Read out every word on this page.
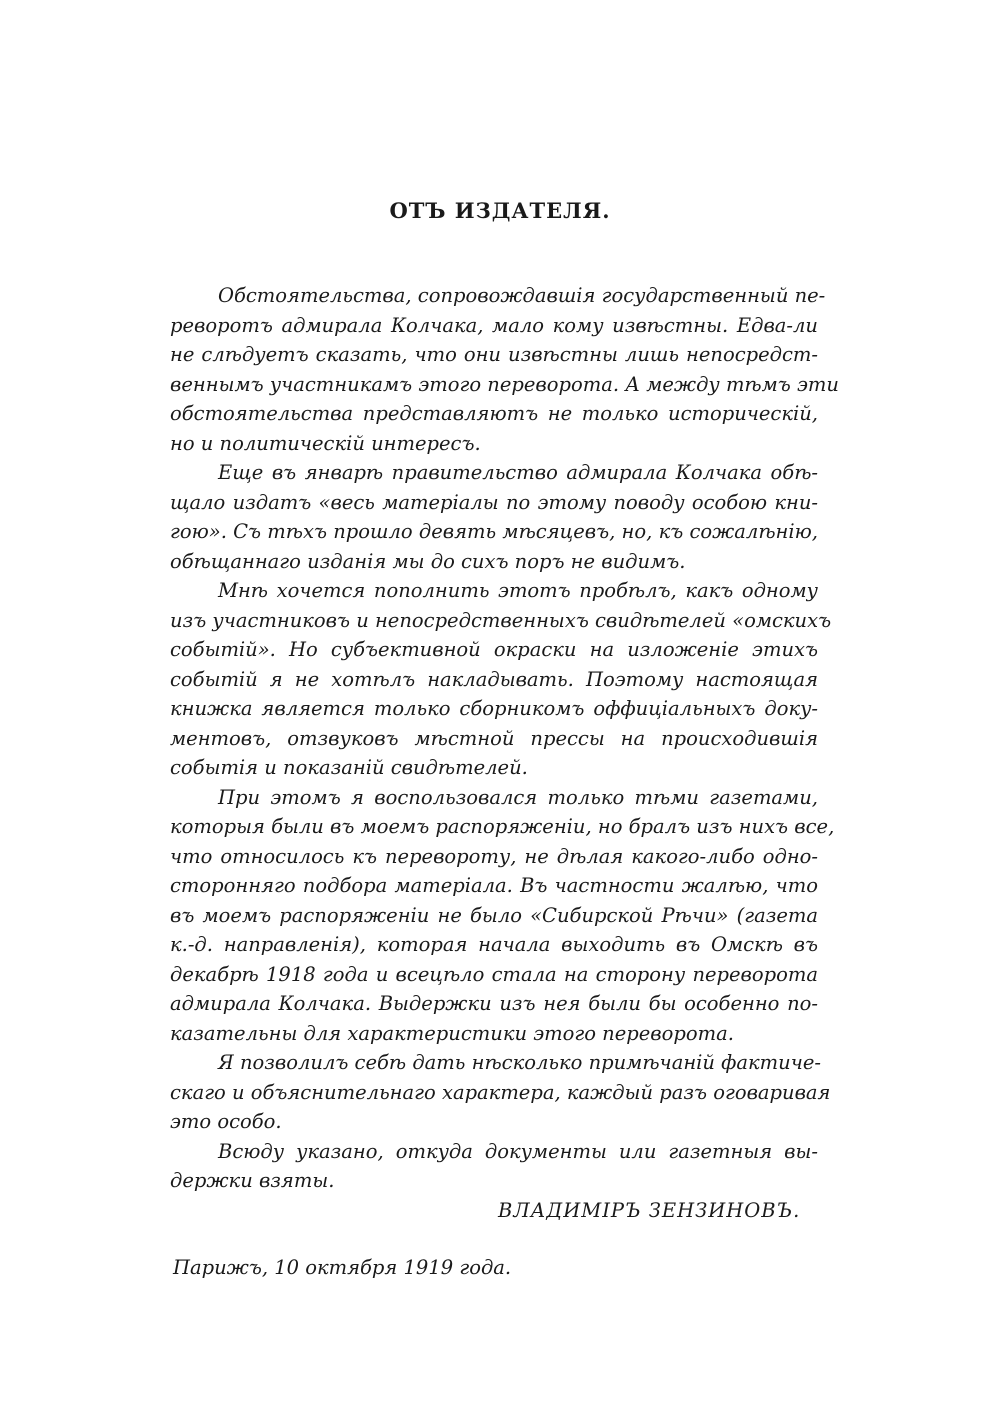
ОТЪ ИЗДАТЕЛЯ.
Обстоятельства, сопровождавшія государственный пе-
реворотъ адмирала Колчака, мало кому извѣстны. Едва-ли
не слѣдуетъ сказать, что они извѣстны лишь непосредст-
веннымъ участникамъ этого переворота. А между тѣмъ эти
обстоятельства представляютъ не только историческій,
но и политическій интересъ.
Еще въ январѣ правительство адмирала Колчака обѣ-
щало издатъ «весь матеріалы по этому поводу особою кни-
гою». Съ тѣхъ прошло девять мѣсяцевъ, но, къ сожалѣнію,
обѣщаннаго изданія мы до сихъ поръ не видимъ.
Мнѣ хочется пополнить этотъ пробѣлъ, какъ одному
изъ участниковъ и непосредственныхъ свидѣтелей «омскихъ
событій». Но субъективной окраски на изложеніе этихъ
событій я не хотѣлъ накладывать. Поэтому настоящая
книжка является только сборникомъ оффиціальныхъ доку-
ментовъ, отзвуковъ мѣстной прессы на происходившія
событія и показаній свидѣтелей.
При этомъ я воспользовался только тѣми газетами,
которыя были въ моемъ распоряженіи, но бралъ изъ нихъ все,
что относилось къ перевороту, не дѣлая какого-либо одно-
сторонняго подбора матеріала. Въ частности жалѣю, что
въ моемъ распоряженіи не было «Сибирской Рѣчи» (газета
к.-д. направленія), которая начала выходить въ Омскѣ въ
декабрѣ 1918 года и всецѣло стала на сторону переворота
адмирала Колчака. Выдержки изъ нея были бы особенно по-
казательны для характеристики этого переворота.
Я позволилъ себѣ дать нѣсколько примѣчаній фактиче-
скаго и объяснительнаго характера, каждый разъ оговаривая
это особо.
Всюду указано, откуда документы или газетныя вы-
держки взяты.

ВЛАДИМІРЪ ЗЕНЗИНОВЪ.

Парижъ, 10 октября 1919 года.
